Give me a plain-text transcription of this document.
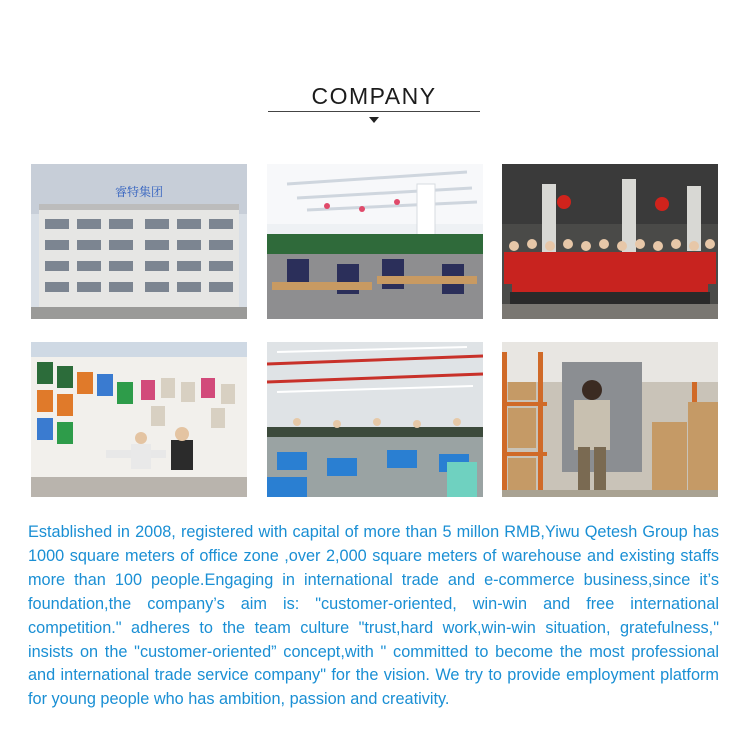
COMPANY
睿特集团

Established in 2008, registered with capital of more than 5 millon RMB,Yiwu Qetesh Group has 1000 square meters of office zone ,over 2,000 square meters of warehouse and existing staffs more than 100 people.Engaging in international trade and e-commerce business,since it’s foundation,the company’s aim is: "customer-oriented, win-win and free international competition." adheres to the team culture "trust,hard work,win-win situation, gratefulness," insists on the "customer-oriented” concept,with " committed to become the most professional and international trade service company" for the vision. We try to provide employment platform for young people who has ambition, passion and creativity.
